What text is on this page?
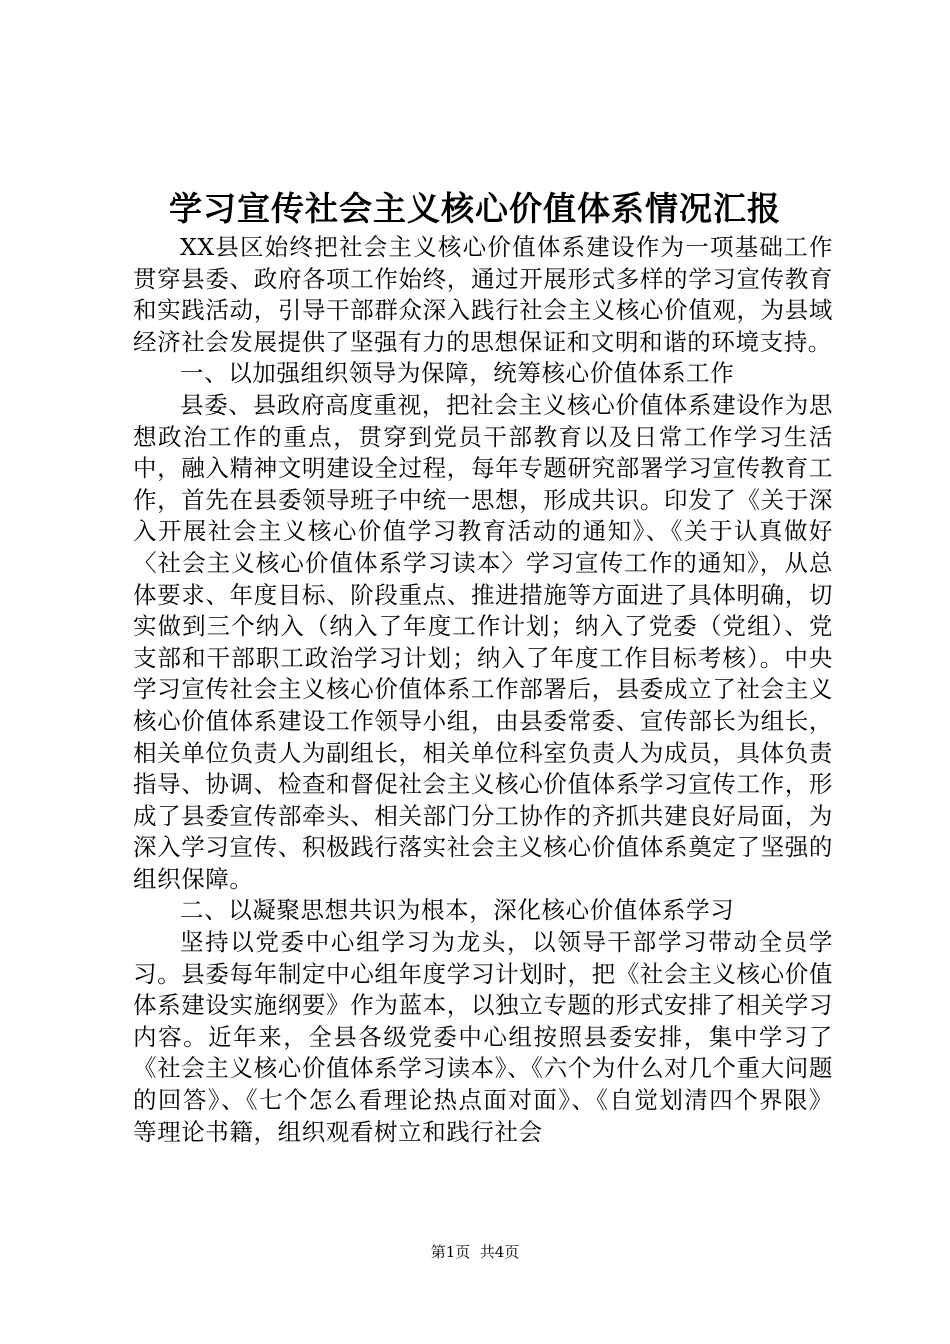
学习宣传社会主义核心价值体系情况汇报

XX县区始终把社会主义核心价值体系建设作为一项基础工作贯穿县委、政府各项工作始终，通过开展形式多样的学习宣传教育和实践活动，引导干部群众深入践行社会主义核心价值观，为县域经济社会发展提供了坚强有力的思想保证和文明和谐的环境支持。

一、以加强组织领导为保障，统筹核心价值体系工作

县委、县政府高度重视，把社会主义核心价值体系建设作为思想政治工作的重点，贯穿到党员干部教育以及日常工作学习生活中，融入精神文明建设全过程，每年专题研究部署学习宣传教育工作，首先在县委领导班子中统一思想，形成共识。印发了《关于深入开展社会主义核心价值学习教育活动的通知》、《关于认真做好〈社会主义核心价值体系学习读本〉学习宣传工作的通知》，从总体要求、年度目标、阶段重点、推进措施等方面进了具体明确，切实做到三个纳入（纳入了年度工作计划；纳入了党委（党组）、党支部和干部职工政治学习计划；纳入了年度工作目标考核）。中央学习宣传社会主义核心价值体系工作部署后，县委成立了社会主义核心价值体系建设工作领导小组，由县委常委、宣传部长为组长，相关单位负责人为副组长，相关单位科室负责人为成员，具体负责指导、协调、检查和督促社会主义核心价值体系学习宣传工作，形成了县委宣传部牵头、相关部门分工协作的齐抓共建良好局面，为深入学习宣传、积极践行落实社会主义核心价值体系奠定了坚强的组织保障。

二、以凝聚思想共识为根本，深化核心价值体系学习

坚持以党委中心组学习为龙头，以领导干部学习带动全员学习。县委每年制定中心组年度学习计划时，把《社会主义核心价值体系建设实施纲要》作为蓝本，以独立专题的形式安排了相关学习内容。近年来，全县各级党委中心组按照县委安排，集中学习了《社会主义核心价值体系学习读本》、《六个为什么对几个重大问题的回答》、《七个怎么看理论热点面对面》、《自觉划清四个界限》等理论书籍，组织观看树立和践行社会

第1页  共4页
